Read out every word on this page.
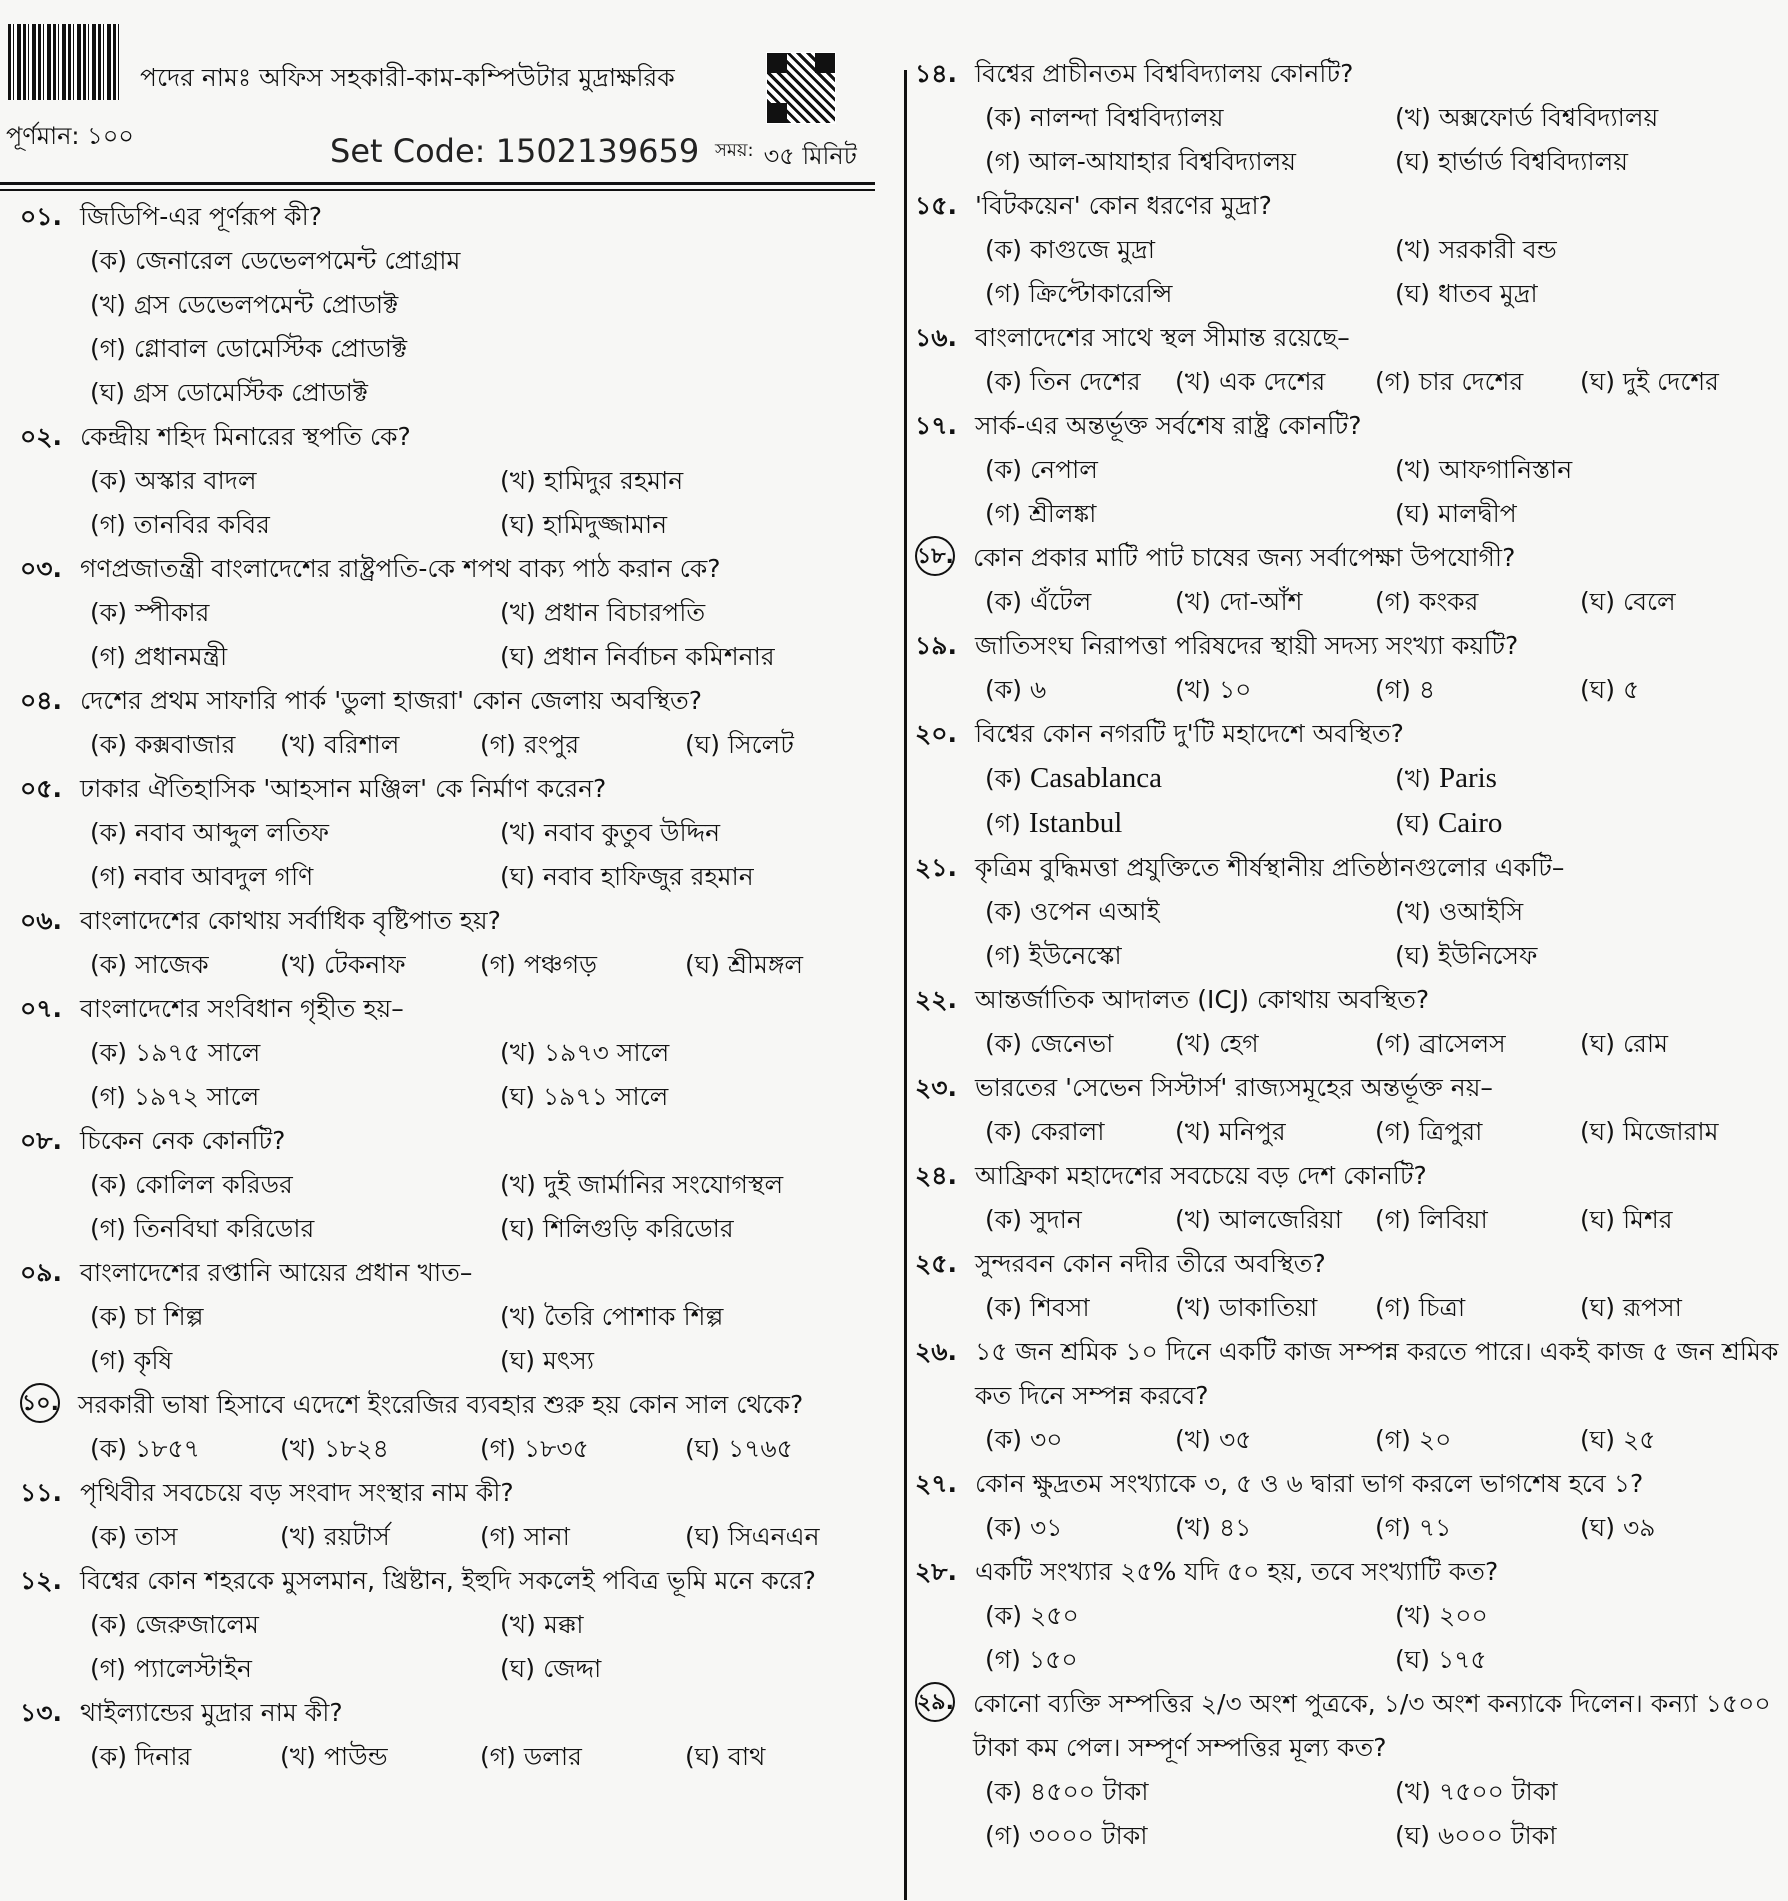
পদের নামঃ অফিস সহকারী-কাম-কম্পিউটার মুদ্রাক্ষরিক
পূর্ণমান: ১০০	Set Code: 1502139659 $^{সময়:}$ ৩৫ মিনিট
০১. জিডিপি-এর পূর্ণরূপ কী?
(ক) জেনারেল ডেভেলপমেন্ট প্রোগ্রাম
(খ) গ্রস ডেভেলপমেন্ট প্রোডাক্ট
(গ) গ্লোবাল ডোমেস্টিক প্রোডাক্ট
(ঘ) গ্রস ডোমেস্টিক প্রোডাক্ট
০২. কেন্দ্রীয় শহিদ মিনারের স্থপতি কে?
(ক) অস্কার বাদল	(খ) হামিদুর রহমান
(গ) তানবির কবির	(ঘ) হামিদুজ্জামান
০৩. গণপ্রজাতন্ত্রী বাংলাদেশের রাষ্ট্রপতি-কে শপথ বাক্য পাঠ করান কে?
(ক) স্পীকার	(খ) প্রধান বিচারপতি
(গ) প্রধানমন্ত্রী	(ঘ) প্রধান নির্বাচন কমিশনার
০৪. দেশের প্রথম সাফারি পার্ক 'ডুলা হাজরা' কোন জেলায় অবস্থিত?
(ক) কক্সবাজার	(খ) বরিশাল	(গ) রংপুর	(ঘ) সিলেট
০৫. ঢাকার ঐতিহাসিক 'আহসান মঞ্জিল' কে নির্মাণ করেন?
(ক) নবাব আব্দুল লতিফ	(খ) নবাব কুতুব উদ্দিন
(গ) নবাব আবদুল গণি	(ঘ) নবাব হাফিজুর রহমান
০৬. বাংলাদেশের কোথায় সর্বাধিক বৃষ্টিপাত হয়?
(ক) সাজেক	(খ) টেকনাফ	(গ) পঞ্চগড়	(ঘ) শ্রীমঙ্গল
০৭. বাংলাদেশের সংবিধান গৃহীত হয়–
(ক) ১৯৭৫ সালে	(খ) ১৯৭৩ সালে
(গ) ১৯৭২ সালে	(ঘ) ১৯৭১ সালে
০৮. চিকেন নেক কোনটি?
(ক) কোলিল করিডর	(খ) দুই জার্মানির সংযোগস্থল
(গ) তিনবিঘা করিডোর	(ঘ) শিলিগুড়ি করিডোর
০৯. বাংলাদেশের রপ্তানি আয়ের প্রধান খাত–
(ক) চা শিল্প	(খ) তৈরি পোশাক শিল্প
(গ) কৃষি	(ঘ) মৎস্য
১০. সরকারী ভাষা হিসাবে এদেশে ইংরেজির ব্যবহার শুরু হয় কোন সাল থেকে?
(ক) ১৮৫৭	(খ) ১৮২৪	(গ) ১৮৩৫	(ঘ) ১৭৬৫
১১. পৃথিবীর সবচেয়ে বড় সংবাদ সংস্থার নাম কী?
(ক) তাস	(খ) রয়টার্স	(গ) সানা	(ঘ) সিএনএন
১২. বিশ্বের কোন শহরকে মুসলমান, খ্রিষ্টান, ইহুদি সকলেই পবিত্র ভূমি মনে করে?
(ক) জেরুজালেম	(খ) মক্কা
(গ) প্যালেস্টাইন	(ঘ) জেদ্দা
১৩. থাইল্যান্ডের মুদ্রার নাম কী?
(ক) দিনার	(খ) পাউন্ড	(গ) ডলার	(ঘ) বাথ
১৪. বিশ্বের প্রাচীনতম বিশ্ববিদ্যালয় কোনটি?
(ক) নালন্দা বিশ্ববিদ্যালয়	(খ) অক্সফোর্ড বিশ্ববিদ্যালয়
(গ) আল-আযাহার বিশ্ববিদ্যালয়	(ঘ) হার্ভার্ড বিশ্ববিদ্যালয়
১৫. 'বিটকয়েন' কোন ধরণের মুদ্রা?
(ক) কাগুজে মুদ্রা	(খ) সরকারী বন্ড
(গ) ক্রিপ্টোকারেন্সি	(ঘ) ধাতব মুদ্রা
১৬. বাংলাদেশের সাথে স্থল সীমান্ত রয়েছে–
(ক) তিন দেশের	(খ) এক দেশের	(গ) চার দেশের	(ঘ) দুই দেশের
১৭. সার্ক-এর অন্তর্ভূক্ত সর্বশেষ রাষ্ট্র কোনটি?
(ক) নেপাল	(খ) আফগানিস্তান
(গ) শ্রীলঙ্কা	(ঘ) মালদ্বীপ
১৮. কোন প্রকার মাটি পাট চাষের জন্য সর্বাপেক্ষা উপযোগী?
(ক) এঁটেল	(খ) দো-আঁশ	(গ) কংকর	(ঘ) বেলে
১৯. জাতিসংঘ নিরাপত্তা পরিষদের স্থায়ী সদস্য সংখ্যা কয়টি?
(ক) ৬	(খ) ১০	(গ) ৪	(ঘ) ৫
২০. বিশ্বের কোন নগরটি দু'টি মহাদেশে অবস্থিত?
(ক) Casablanca	(খ) Paris
(গ) Istanbul	(ঘ) Cairo
২১. কৃত্রিম বুদ্ধিমত্তা প্রযুক্তিতে শীর্ষস্থানীয় প্রতিষ্ঠানগুলোর একটি–
(ক) ওপেন এআই	(খ) ওআইসি
(গ) ইউনেস্কো	(ঘ) ইউনিসেফ
২২. আন্তর্জাতিক আদালত (ICJ) কোথায় অবস্থিত?
(ক) জেনেভা	(খ) হেগ	(গ) ব্রাসেলস	(ঘ) রোম
২৩. ভারতের 'সেভেন সিস্টার্স' রাজ্যসমূহের অন্তর্ভূক্ত নয়–
(ক) কেরালা	(খ) মনিপুর	(গ) ত্রিপুরা	(ঘ) মিজোরাম
২৪. আফ্রিকা মহাদেশের সবচেয়ে বড় দেশ কোনটি?
(ক) সুদান	(খ) আলজেরিয়া	(গ) লিবিয়া	(ঘ) মিশর
২৫. সুন্দরবন কোন নদীর তীরে অবস্থিত?
(ক) শিবসা	(খ) ডাকাতিয়া	(গ) চিত্রা	(ঘ) রূপসা
২৬. ১৫ জন শ্রমিক ১০ দিনে একটি কাজ সম্পন্ন করতে পারে। একই কাজ ৫ জন শ্রমিক কত দিনে সম্পন্ন করবে?
(ক) ৩০	(খ) ৩৫	(গ) ২০	(ঘ) ২৫
২৭. কোন ক্ষুদ্রতম সংখ্যাকে ৩, ৫ ও ৬ দ্বারা ভাগ করলে ভাগশেষ হবে ১?
(ক) ৩১	(খ) ৪১	(গ) ৭১	(ঘ) ৩৯
২৮. একটি সংখ্যার ২৫% যদি ৫০ হয়, তবে সংখ্যাটি কত?
(ক) ২৫০	(খ) ২০০
(গ) ১৫০	(ঘ) ১৭৫
২৯. কোনো ব্যক্তি সম্পত্তির ২/৩ অংশ পুত্রকে, ১/৩ অংশ কন্যাকে দিলেন। কন্যা ১৫০০ টাকা কম পেল। সম্পূর্ণ সম্পত্তির মূল্য কত?
(ক) ৪৫০০ টাকা	(খ) ৭৫০০ টাকা
(গ) ৩০০০ টাকা	(ঘ) ৬০০০ টাকা
